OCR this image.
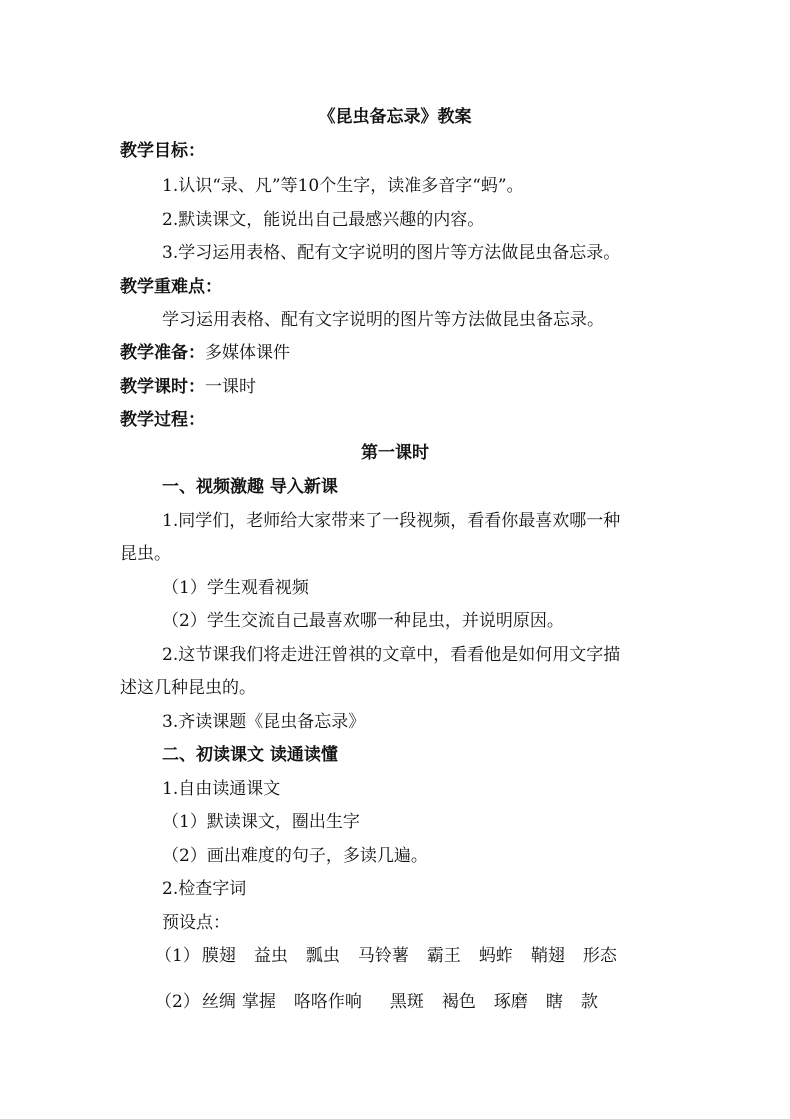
《昆虫备忘录》教案
教学目标：
1.认识“录、凡”等10个生字，读准多音字“蚂”。
2.默读课文，能说出自己最感兴趣的内容。
3.学习运用表格、配有文字说明的图片等方法做昆虫备忘录。
教学重难点：
学习运用表格、配有文字说明的图片等方法做昆虫备忘录。
教学准备：多媒体课件
教学课时：一课时
教学过程：
第一课时
一、视频激趣 导入新课
1.同学们，老师给大家带来了一段视频，看看你最喜欢哪一种
昆虫。
（1）学生观看视频
（2）学生交流自己最喜欢哪一种昆虫，并说明原因。
2.这节课我们将走进汪曾祺的文章中，看看他是如何用文字描
述这几种昆虫的。
3.齐读课题《昆虫备忘录》
二、初读课文 读通读懂
1.自由读通课文
（1）默读课文，圈出生字
（2）画出难度的句子，多读几遍。
2.检查字词
预设点：
（1） 膜翅 益虫 瓢虫 马铃薯 霸王 蚂蚱 鞘翅 形态
（2） 丝绸 掌握 咯咯作响 黑斑 褐色 琢磨 瞎 款
